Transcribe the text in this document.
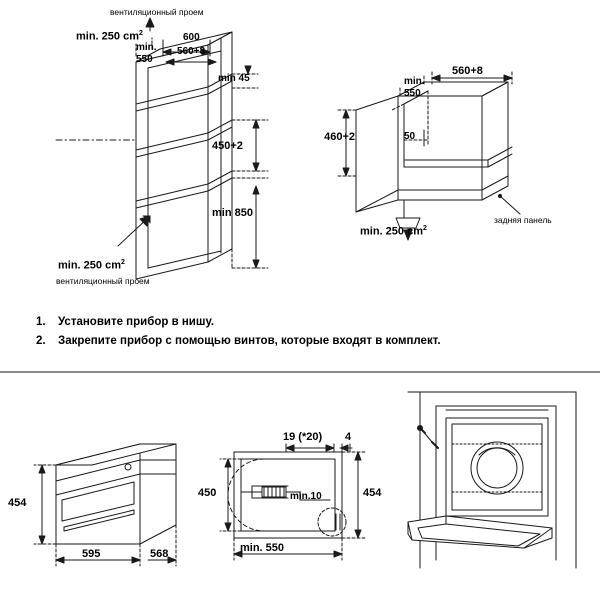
вентиляционный проем
min. 250 $cm^2$
min.
550
600
560+8
min 45
450+2
min 850
min. 250 $cm^2$
вентиляционный проем
min.
550
560+8
460+2	50
min. 250 $cm^2$
задняя панель
1.	Установите прибор в нишу.
2.	Закрепите прибор с помощью винтов, которые входят в комплект.
454
595	568
19 (*20) 4
450	454
min.10
min. 550
